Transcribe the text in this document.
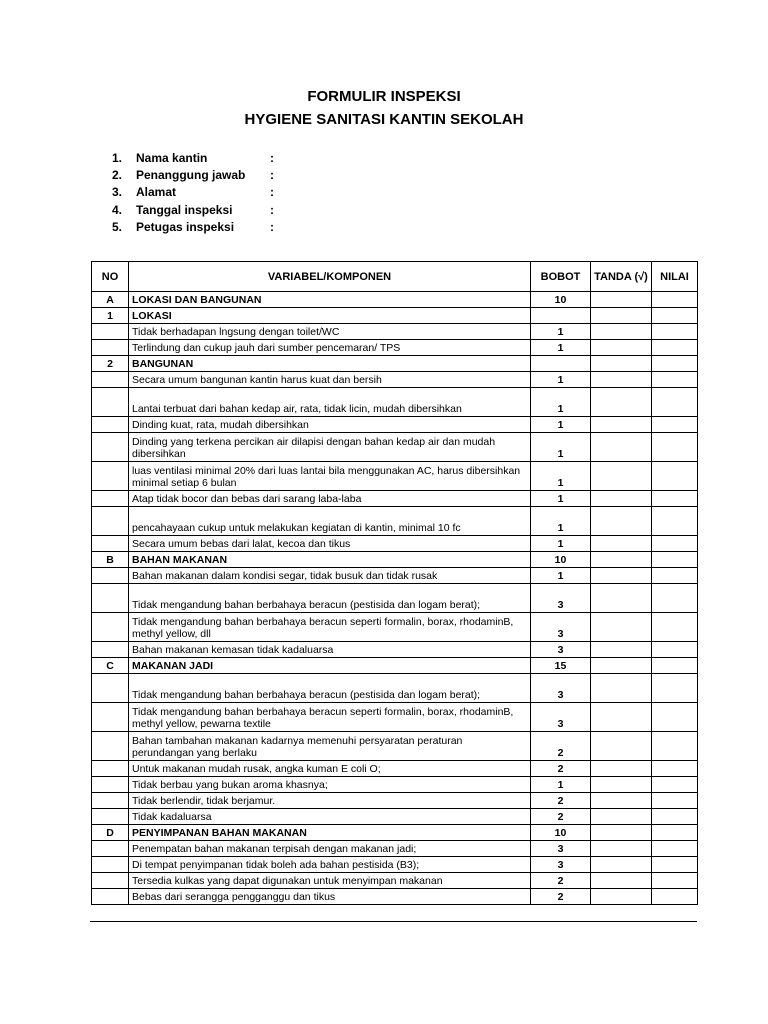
FORMULIR INSPEKSI
HYGIENE SANITASI KANTIN SEKOLAH
1.	Nama kantin	:
2.	Penanggung jawab	:
3.	Alamat	:
4.	Tanggal inspeksi	:
5.	Petugas inspeksi	:
NO	VARIABEL/KOMPONEN	BOBOT	TANDA (√)	NILAI
A	LOKASI DAN BANGUNAN	10		
1	LOKASI			
	Tidak berhadapan lngsung dengan toilet/WC	1		
	Terlindung dan cukup jauh dari sumber pencemaran/ TPS	1		
2	BANGUNAN			
	Secara umum bangunan kantin harus kuat dan bersih	1		
	Lantai terbuat dari bahan kedap air, rata, tidak licin, mudah dibersihkan	1		
	Dinding kuat, rata, mudah dibersihkan	1		
	Dinding yang terkena percikan air dilapisi dengan bahan kedap air dan mudah dibersihkan	1		
	luas ventilasi minimal 20% dari luas lantai bila menggunakan AC, harus dibersihkan minimal setiap 6 bulan	1		
	Atap tidak bocor dan bebas dari sarang laba-laba	1		
	pencahayaan cukup untuk melakukan kegiatan di kantin, minimal 10 fc	1		
	Secara umum bebas dari lalat, kecoa dan tikus	1		
B	BAHAN MAKANAN	10		
	Bahan makanan dalam kondisi segar, tidak busuk dan tidak rusak	1		
	Tidak mengandung bahan berbahaya beracun (pestisida dan logam berat);	3		
	Tidak mengandung bahan berbahaya beracun seperti formalin, borax, rhodaminB, methyl yellow, dll	3		
	Bahan makanan kemasan tidak kadaluarsa	3		
C	MAKANAN JADI	15		
	Tidak mengandung bahan berbahaya beracun (pestisida dan logam berat);	3		
	Tidak mengandung bahan berbahaya beracun seperti formalin, borax, rhodaminB, methyl yellow, pewarna textile	3		
	Bahan tambahan makanan kadarnya memenuhi persyaratan peraturan perundangan yang berlaku	2		
	Untuk makanan mudah rusak, angka kuman E coli O;	2		
	Tidak berbau yang bukan aroma khasnya;	1		
	Tidak berlendir, tidak berjamur.	2		
	Tidak kadaluarsa	2		
D	PENYIMPANAN BAHAN MAKANAN	10		
	Penempatan bahan makanan terpisah dengan makanan jadi;	3		
	Di tempat penyimpanan tidak boleh ada bahan pestisida (B3);	3		
	Tersedia kulkas yang dapat digunakan untuk menyimpan makanan	2		
	Bebas dari serangga pengganggu dan tikus	2		
